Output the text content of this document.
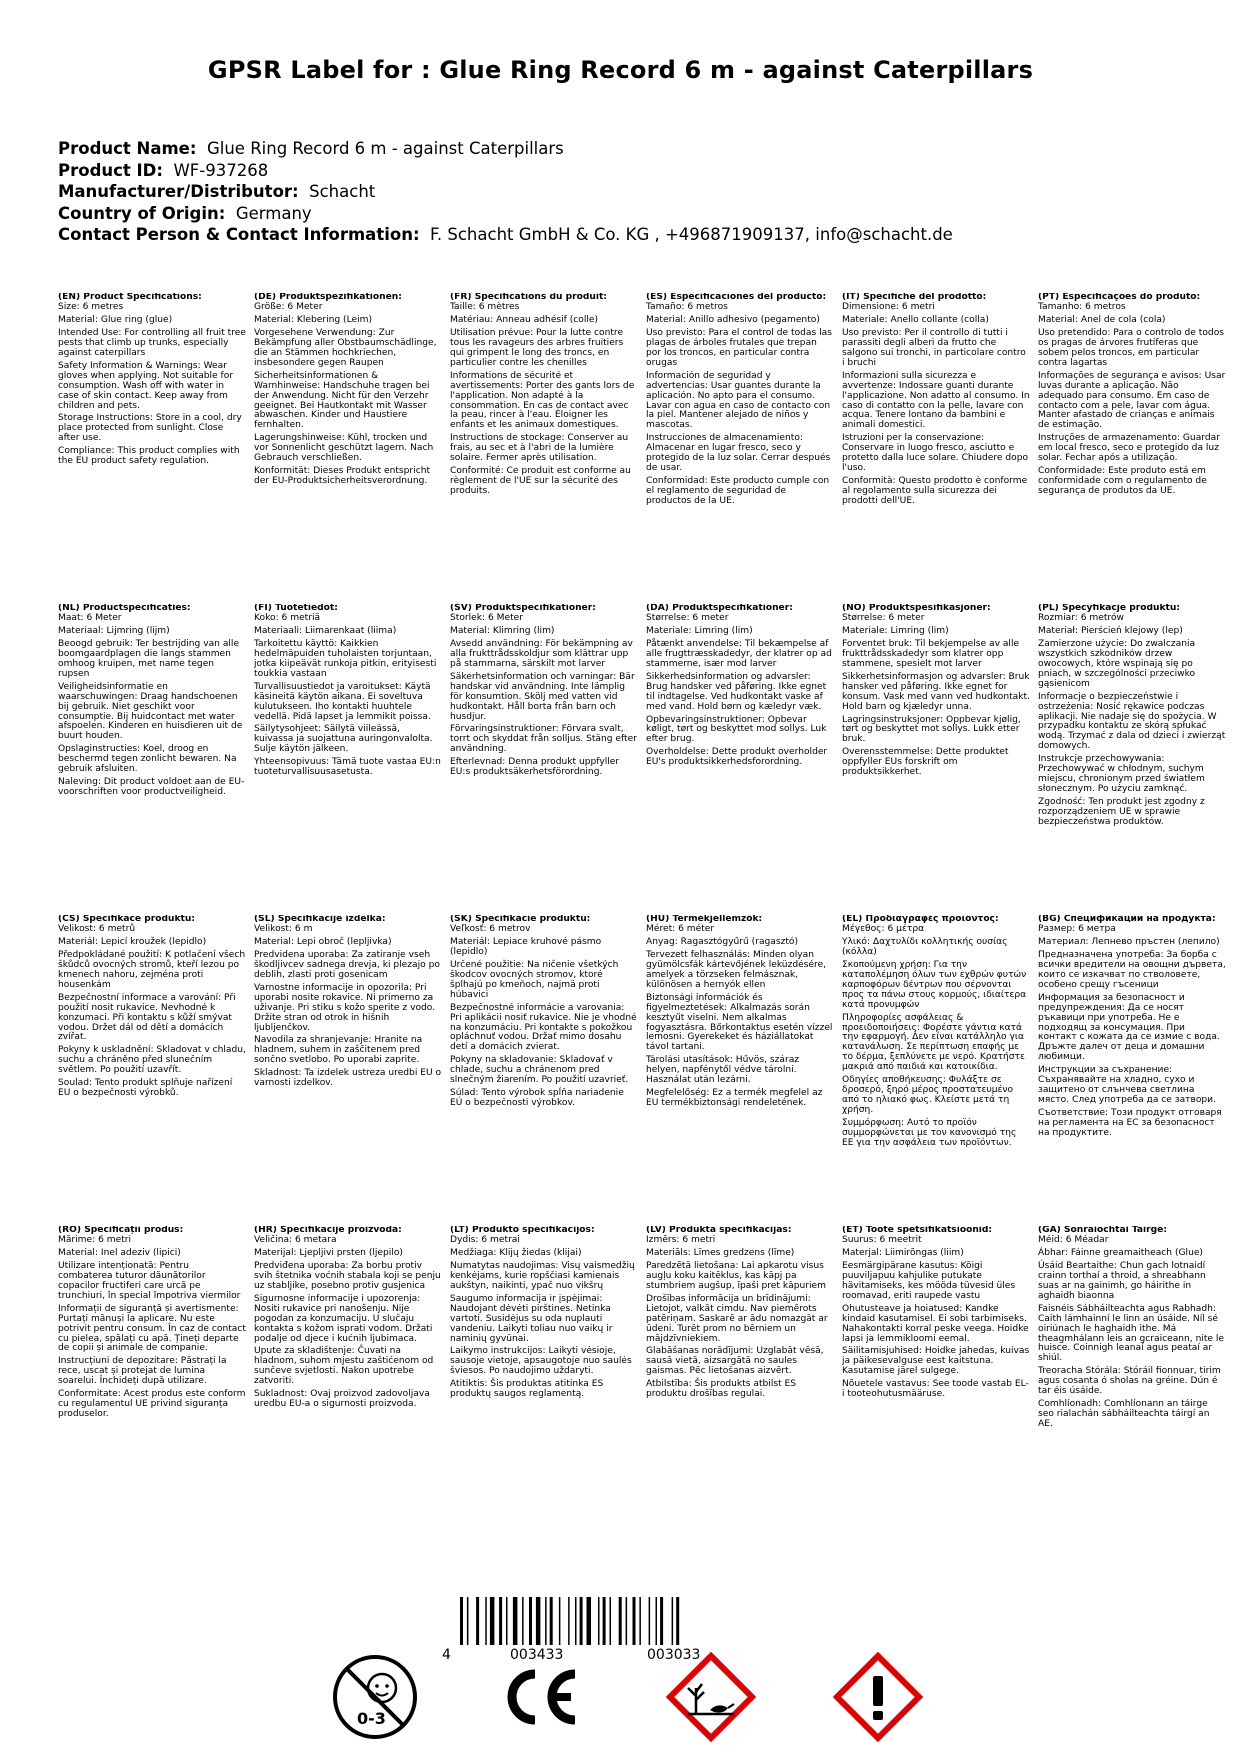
GPSR Label for : Glue Ring Record 6 m - against Caterpillars
Product Name: Glue Ring Record 6 m - against Caterpillars
Product ID: WF-937268
Manufacturer/Distributor: Schacht
Country of Origin: Germany
Contact Person & Contact Information: F. Schacht GmbH & Co. KG , +496871909137, info@schacht.de
(EN) Product Specifications:
Size: 6 metres
Material: Glue ring (glue)
Intended Use: For controlling all fruit tree pests that climb up trunks, especially against caterpillars
Safety Information & Warnings: Wear gloves when applying. Not suitable for consumption. Wash off with water in case of skin contact. Keep away from children and pets.
Storage Instructions: Store in a cool, dry place protected from sunlight. Close after use.
Compliance: This product complies with the EU product safety regulation.
(DE) Produktspezifikationen:
Größe: 6 Meter
Material: Klebering (Leim)
Vorgesehene Verwendung: Zur Bekämpfung aller Obstbaumschädlinge, die an Stämmen hochkriechen, insbesondere gegen Raupen
Sicherheitsinformationen & Warnhinweise: Handschuhe tragen bei der Anwendung. Nicht für den Verzehr geeignet. Bei Hautkontakt mit Wasser abwaschen. Kinder und Haustiere fernhalten.
Lagerungshinweise: Kühl, trocken und vor Sonnenlicht geschützt lagern. Nach Gebrauch verschließen.
Konformität: Dieses Produkt entspricht der EU-Produktsicherheitsverordnung.
(FR) Spécifications du produit:
Taille: 6 mètres
Matériau: Anneau adhésif (colle)
Utilisation prévue: Pour la lutte contre tous les ravageurs des arbres fruitiers qui grimpent le long des troncs, en particulier contre les chenilles
Informations de sécurité et avertissements: Porter des gants lors de l'application. Non adapté à la consommation. En cas de contact avec la peau, rincer à l'eau. Éloigner les enfants et les animaux domestiques.
Instructions de stockage: Conserver au frais, au sec et à l'abri de la lumière solaire. Fermer après utilisation.
Conformité: Ce produit est conforme au règlement de l'UE sur la sécurité des produits.
(ES) Especificaciones del producto:
Tamaño: 6 metros
Material: Anillo adhesivo (pegamento)
Uso previsto: Para el control de todas las plagas de árboles frutales que trepan por los troncos, en particular contra orugas
Información de seguridad y advertencias: Usar guantes durante la aplicación. No apto para el consumo. Lavar con agua en caso de contacto con la piel. Mantener alejado de niños y mascotas.
Instrucciones de almacenamiento: Almacenar en lugar fresco, seco y protegido de la luz solar. Cerrar después de usar.
Conformidad: Este producto cumple con el reglamento de seguridad de productos de la UE.
(IT) Specifiche del prodotto:
Dimensione: 6 metri
Materiale: Anello collante (colla)
Uso previsto: Per il controllo di tutti i parassiti degli alberi da frutto che salgono sui tronchi, in particolare contro i bruchi
Informazioni sulla sicurezza e avvertenze: Indossare guanti durante l'applicazione. Non adatto al consumo. In caso di contatto con la pelle, lavare con acqua. Tenere lontano da bambini e animali domestici.
Istruzioni per la conservazione: Conservare in luogo fresco, asciutto e protetto dalla luce solare. Chiudere dopo l'uso.
Conformità: Questo prodotto è conforme al regolamento sulla sicurezza dei prodotti dell'UE.
(PT) Especificações do produto:
Tamanho: 6 metros
Material: Anel de cola (cola)
Uso pretendido: Para o controlo de todos os pragas de árvores frutíferas que sobem pelos troncos, em particular contra lagartas
Informações de segurança e avisos: Usar luvas durante a aplicação. Não adequado para consumo. Em caso de contacto com a pele, lavar com água. Manter afastado de crianças e animais de estimação.
Instruções de armazenamento: Guardar em local fresco, seco e protegido da luz solar. Fechar após a utilização.
Conformidade: Este produto está em conformidade com o regulamento de segurança de produtos da UE.
(NL) Productspecificaties:
Maat: 6 Meter
Materiaal: Lijmring (lijm)
Beoogd gebruik: Ter bestrijding van alle boomgaardplagen die langs stammen omhoog kruipen, met name tegen rupsen
Veiligheidsinformatie en waarschuwingen: Draag handschoenen bij gebruik. Niet geschikt voor consumptie. Bij huidcontact met water afspoelen. Kinderen en huisdieren uit de buurt houden.
Opslaginstructies: Koel, droog en beschermd tegen zonlicht bewaren. Na gebruik afsluiten.
Naleving: Dit product voldoet aan de EU-voorschriften voor productveiligheid.
(FI) Tuotetiedot:
Koko: 6 metriä
Materiaali: Liimarenkaat (liima)
Tarkoitettu käyttö: Kaikkien hedelmäpuiden tuholaisten torjuntaan, jotka kiipeävät runkoja pitkin, erityisesti toukkia vastaan
Turvallisuustiedot ja varoitukset: Käytä käsineitä käytön aikana. Ei soveltuva kulutukseen. Iho kontakti huuhtele vedellä. Pidä lapset ja lemmikit poissa.
Säilytysohjeet: Säilytä viileässä, kuivassa ja suojattuna auringonvalolta. Sulje käytön jälkeen.
Yhteensopivuus: Tämä tuote vastaa EU:n tuoteturvallisuusasetusta.
(SV) Produktspecifikationer:
Storlek: 6 Meter
Material: Klimring (lim)
Avsedd användning: För bekämpning av alla frukttrådsskoldjur som klättrar upp på stammarna, särskilt mot larver
Säkerhetsinformation och varningar: Bär handskar vid användning. Inte lämplig för konsumtion. Skölj med vatten vid hudkontakt. Håll borta från barn och husdjur.
Förvaringsinstruktioner: Förvara svalt, torrt och skyddat från solljus. Stäng efter användning.
Efterlevnad: Denna produkt uppfyller EU:s produktsäkerhetsförordning.
(DA) Produktspecifikationer:
Størrelse: 6 meter
Materiale: Limring (lim)
Påtænkt anvendelse: Til bekæmpelse af alle frugttræsskadedyr, der klatrer op ad stammerne, især mod larver
Sikkerhedsinformation og advarsler: Brug handsker ved påføring. Ikke egnet til indtagelse. Ved hudkontakt vaske af med vand. Hold børn og kæledyr væk.
Opbevaringsinstruktioner: Opbevar køligt, tørt og beskyttet mod sollys. Luk efter brug.
Overholdelse: Dette produkt overholder EU's produktsikkerhedsforordning.
(NO) Produktspesifikasjoner:
Størrelse: 6 meter
Materiale: Limring (lim)
Forventet bruk: Til bekjempelse av alle frukttrådsskadedyr som klatrer opp stammene, spesielt mot larver
Sikkerhetsinformasjon og advarsler: Bruk hansker ved påføring. Ikke egnet for konsum. Vask med vann ved hudkontakt. Hold barn og kjæledyr unna.
Lagringsinstruksjoner: Oppbevar kjølig, tørt og beskyttet mot sollys. Lukk etter bruk.
Overensstemmelse: Dette produktet oppfyller EUs forskrift om produktsikkerhet.
(PL) Specyfikacje produktu:
Rozmiar: 6 metrów
Materiał: Pierścień klejowy (lep)
Zamierzone użycie: Do zwalczania wszystkich szkodników drzew owocowych, które wspinają się po pniach, w szczególności przeciwko gąsienicom
Informacje o bezpieczeństwie i ostrzeżenia: Nosić rękawice podczas aplikacji. Nie nadaje się do spożycia. W przypadku kontaktu ze skórą spłukać wodą. Trzymać z dala od dzieci i zwierząt domowych.
Instrukcje przechowywania: Przechowywać w chłodnym, suchym miejscu, chronionym przed światłem słonecznym. Po użyciu zamknąć.
Zgodność: Ten produkt jest zgodny z rozporządzeniem UE w sprawie bezpieczeństwa produktów.
(CS) Specifikace produktu:
Velikost: 6 metrů
Materiál: Lepicí kroužek (lepidlo)
Předpokládané použití: K potlačení všech škůdců ovocných stromů, kteří lezou po kmenech nahoru, zejména proti housenkám
Bezpečnostní informace a varování: Při použití nosit rukavice. Nevhodné k konzumaci. Při kontaktu s kůží smývat vodou. Držet dál od dětí a domácích zvířat.
Pokyny k uskladnění: Skladovat v chladu, suchu a chráněno před slunečním světlem. Po použití uzavřít.
Soulad: Tento produkt splňuje nařízení EU o bezpečnosti výrobků.
(SL) Specifikacije izdelka:
Velikost: 6 m
Material: Lepi obroč (lepljivka)
Predvidena uporaba: Za zatiranje vseh škodljivcev sadnega drevja, ki plezajo po deblih, zlasti proti gosenicam
Varnostne informacije in opozorila: Pri uporabi nosite rokavice. Ni primerno za uživanje. Pri stiku s kožo sperite z vodo. Držite stran od otrok in hišnih ljubljenčkov.
Navodila za shranjevanje: Hranite na hladnem, suhem in zaščitenem pred sončno svetlobo. Po uporabi zaprite.
Skladnost: Ta izdelek ustreza uredbi EU o varnosti izdelkov.
(SK) Špecifikácie produktu:
Veľkosť: 6 metrov
Materiál: Lepiace kruhové pásmo (lepidlo)
Určené použitie: Na ničenie všetkých škodcov ovocných stromov, ktoré šplhajú po kmeňoch, najmä proti húbavici
Bezpečnostné informácie a varovania: Pri aplikácii nosiť rukavice. Nie je vhodné na konzumáciu. Pri kontakte s pokožkou opláchnuť vodou. Držať mimo dosahu detí a domácich zvierat.
Pokyny na skladovanie: Skladovať v chlade, suchu a chránenom pred slnečným žiarením. Po použití uzavrieť.
Súlad: Tento výrobok spĺňa nariadenie EÚ o bezpečnosti výrobkov.
(HU) Termékjellemzők:
Méret: 6 méter
Anyag: Ragasztógyűrű (ragasztó)
Tervezett felhasználás: Minden olyan gyümölcsfák kártevőjének leküzdésére, amelyek a törzseken felmásznak, különösen a hernyók ellen
Biztonsági információk és figyelmeztetések: Alkalmazás során kesztyűt viselni. Nem alkalmas fogyasztásra. Bőrkontaktus esetén vízzel lemosni. Gyerekeket és háziállatokat távol tartani.
Tárolási utasítások: Hűvös, száraz helyen, napfénytől védve tárolni. Használat után lezárni.
Megfelelőség: Ez a termék megfelel az EU termékbiztonsági rendeletének.
(EL) Προδιαγραφές προϊόντος:
Μέγεθος: 6 μέτρα
Υλικό: Δαχτυλίδι κολλητικής ουσίας (κόλλα)
Σκοπούμενη χρήση: Για την καταπολέμηση όλων των εχθρών φυτών καρποφόρων δέντρων που σέρνονται προς τα πάνω στους κορμούς, ιδιαίτερα κατά προνυμφών
Πληροφορίες ασφάλειας & προειδοποιήσεις: Φορέστε γάντια κατά την εφαρμογή. Δεν είναι κατάλληλο για κατανάλωση. Σε περίπτωση επαφής με το δέρμα, ξεπλύνετε με νερό. Κρατήστε μακριά από παιδιά και κατοικίδια.
Οδηγίες αποθήκευσης: Φυλάξτε σε δροσερό, ξηρό μέρος προστατευμένο από το ηλιακό φως. Κλείστε μετά τη χρήση.
Συμμόρφωση: Αυτό το προϊόν συμμορφώνεται με τον κανονισμό της ΕΕ για την ασφάλεια των προϊόντων.
(BG) Спецификации на продукта:
Размер: 6 метра
Материал: Лепнево пръстен (лепило)
Предназначена употреба: За борба с всички вредители на овощни дървета, които се изкачват по стволовете, особено срещу гъсеници
Информация за безопасност и предупреждения: Да се носят ръкавици при употреба. Не е подходящ за консумация. При контакт с кожата да се измие с вода. Дръжте далеч от деца и домашни любимци.
Инструкции за съхранение: Съхранявайте на хладно, сухо и защитено от слънчева светлина място. След употреба да се затвори.
Съответствие: Този продукт отговаря на регламента на ЕС за безопасност на продуктите.
(RO) Specificații produs:
Mărime: 6 metri
Material: Inel adeziv (lipici)
Utilizare intenționată: Pentru combaterea tuturor dăunătorilor copacilor fructiferi care urcă pe trunchiuri, în special împotriva viermilor
Informații de siguranță și avertismente: Purtați mănuși la aplicare. Nu este potrivit pentru consum. În caz de contact cu pielea, spălați cu apă. Țineți departe de copii și animale de companie.
Instrucțiuni de depozitare: Păstrați la rece, uscat și protejat de lumina soarelui. Închideți după utilizare.
Conformitate: Acest produs este conform cu regulamentul UE privind siguranța produselor.
(HR) Specifikacije proizvoda:
Veličina: 6 metara
Materijal: Ljepljivi prsten (ljepilo)
Predviđena uporaba: Za borbu protiv svih štetnika voćnih stabala koji se penju uz stabljike, posebno protiv gusjenica
Sigurnosne informacije i upozorenja: Nositi rukavice pri nanošenju. Nije pogodan za konzumaciju. U slučaju kontakta s kožom isprati vodom. Držati podalje od djece i kućnih ljubimaca.
Upute za skladištenje: Čuvati na hladnom, suhom mjestu zaštićenom od sunčeve svjetlosti. Nakon upotrebe zatvoriti.
Sukladnost: Ovaj proizvod zadovoljava uredbu EU-a o sigurnosti proizvoda.
(LT) Produkto specifikacijos:
Dydis: 6 metrai
Medžiaga: Klijų žiedas (klijai)
Numatytas naudojimas: Visų vaismedžių kenkėjams, kurie ropščiasi kamienais aukštyn, naikinti, ypač nuo vikšrų
Saugumo informacija ir įspėjimai: Naudojant dėvėti pirštines. Netinka vartoti. Susidėjus su oda nuplauti vandeniu. Laikyti toliau nuo vaikų ir naminių gyvūnai.
Laikymo instrukcijos: Laikyti vėsioje, sausoje vietoje, apsaugotoje nuo saulės šviesos. Po naudojimo uždaryti.
Atitiktis: Šis produktas atitinka ES produktų saugos reglamentą.
(LV) Produkta specifikācijas:
Izmērs: 6 metri
Materiāls: Līmes gredzens (līme)
Paredzētā lietošana: Lai apkarotu visus augļu koku kaitēklus, kas kāpj pa stumbriem augšup, īpaši pret kāpuriem
Drošības informācija un brīdinājumi: Lietojot, valkāt cimdu. Nav piemērots patēriņam. Saskarē ar ādu nomazgāt ar ūdeni. Turēt prom no bērniem un mājdzīvniekiem.
Glabāšanas norādījumi: Uzglabāt vēsā, sausā vietā, aizsargātā no saules gaismas. Pēc lietošanas aizvērt.
Atbilstība: Šis produkts atbilst ES produktu drošības regulai.
(ET) Toote spetsifikatsioonid:
Suurus: 6 meetrit
Materjal: Liimirõngas (liim)
Eesmärgipärane kasutus: Kõigi puuviljapuu kahjulike putukate hävitamiseks, kes mööda tüvesid üles roomavad, eriti raupede vastu
Ohutusteave ja hoiatused: Kandke kindaid kasutamisel. Ei sobi tarbimiseks. Nahakontakti korral peske veega. Hoidke lapsi ja lemmikloomi eemal.
Säilitamisjuhised: Hoidke jahedas, kuivas ja päikesevalguse eest kaitstuna. Kasutamise järel sulgege.
Nõuetele vastavus: See toode vastab EL-i tooteohutusmääruse.
(GA) Sonraíochtaí Táirge:
Méid: 6 Méadar
Ábhar: Fáinne greamaitheach (Glue)
Úsáid Beartaithe: Chun gach lotnaidí crainn torthaí a throid, a shreabhann suas ar na gainimh, go háirithe in aghaidh biaonna
Faisnéis Sábháilteachta agus Rabhadh: Caith lámhainní le linn an úsáide. Níl sé oiriúnach le haghaidh ithe. Má theagmhálann leis an gcraiceann, nite le huisce. Coinnigh leanaí agus peataí ar shiúl.
Treoracha Stórála: Stóráil fionnuar, tirim agus cosanta ó sholas na gréine. Dún é tar éis úsáide.
Comhlíonadh: Comhlíonann an táirge seo rialachán sábháilteachta táirgí an AE.
4	003433	003033
0-3
